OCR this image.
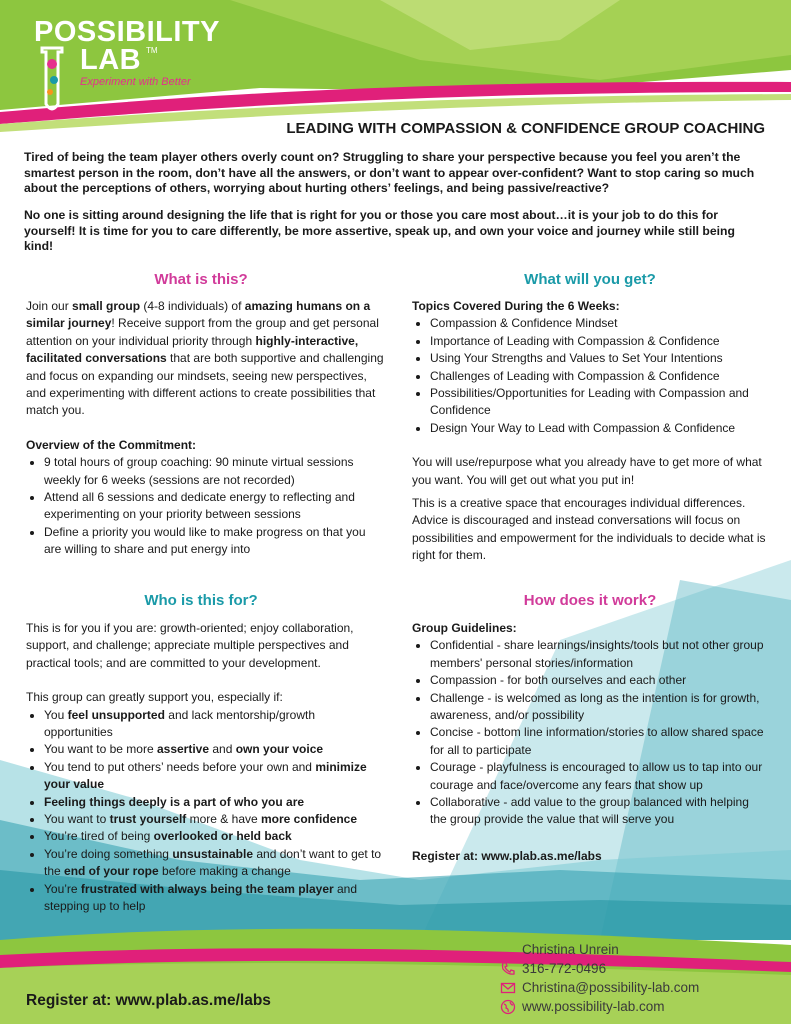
POSSIBILITY
LAB TM
Experiment with Better
LEADING WITH COMPASSION & CONFIDENCE GROUP COACHING

Tired of being the team player others overly count on? Struggling to share your perspective because you feel you aren’t the smartest person in the room, don’t have all the answers, or don’t want to appear over-confident? Want to stop caring so much about the perceptions of others, worrying about hurting others’ feelings, and being passive/reactive?

No one is sitting around designing the life that is right for you or those you care most about…it is your job to do this for yourself! It is time for you to care differently, be more assertive, speak up, and own your voice and journey while still being kind!

What is this?	What will you get?
Who is this for?	How does it work?

Join our small group (4-8 individuals) of amazing humans on a similar journey! Receive support from the group and get personal attention on your individual priority through highly-interactive, facilitated conversations that are both supportive and challenging and focus on expanding our mindsets, seeing new perspectives, and experimenting with different actions to create possibilities that match you.

Overview of the Commitment:

• 9 total hours of group coaching: 90 minute virtual sessions weekly for 6 weeks (sessions are not recorded)
• Attend all 6 sessions and dedicate energy to reflecting and experimenting on your priority between sessions
• Define a priority you would like to make progress on that you are willing to share and put energy into

Topics Covered During the 6 Weeks:

• Compassion & Confidence Mindset
• Importance of Leading with Compassion & Confidence
• Using Your Strengths and Values to Set Your Intentions
• Challenges of Leading with Compassion & Confidence
• Possibilities/Opportunities for Leading with Compassion and Confidence
• Design Your Way to Lead with Compassion & Confidence

You will use/repurpose what you already have to get more of what you want. You will get out what you put in!

This is a creative space that encourages individual differences. Advice is discouraged and instead conversations will focus on possibilities and empowerment for the individuals to decide what is right for them.

This is for you if you are: growth-oriented; enjoy collaboration, support, and challenge; appreciate multiple perspectives and practical tools; and are committed to your development.

This group can greatly support you, especially if:

• You feel unsupported and lack mentorship/growth opportunities
• You want to be more assertive and own your voice
• You tend to put others’ needs before your own and minimize your value
• Feeling things deeply is a part of who you are
• You want to trust yourself more & have more confidence
• You’re tired of being overlooked or held back
• You’re doing something unsustainable and don’t want to get to the end of your rope before making a change
• You’re frustrated with always being the team player and stepping up to help

Group Guidelines:

• Confidential - share learnings/insights/tools but not other group members' personal stories/information
• Compassion - for both ourselves and each other
• Challenge - is welcomed as long as the intention is for growth, awareness, and/or possibility
• Concise - bottom line information/stories to allow shared space for all to participate
• Courage - playfulness is encouraged to allow us to tap into our courage and face/overcome any fears that show up
• Collaborative - add value to the group balanced with helping the group provide the value that will serve you

Register at: www.plab.as.me/labs

Register at: www.plab.as.me/labs
Christina Unrein
316-772-0496
Christina@possibility-lab.com
www.possibility-lab.com
